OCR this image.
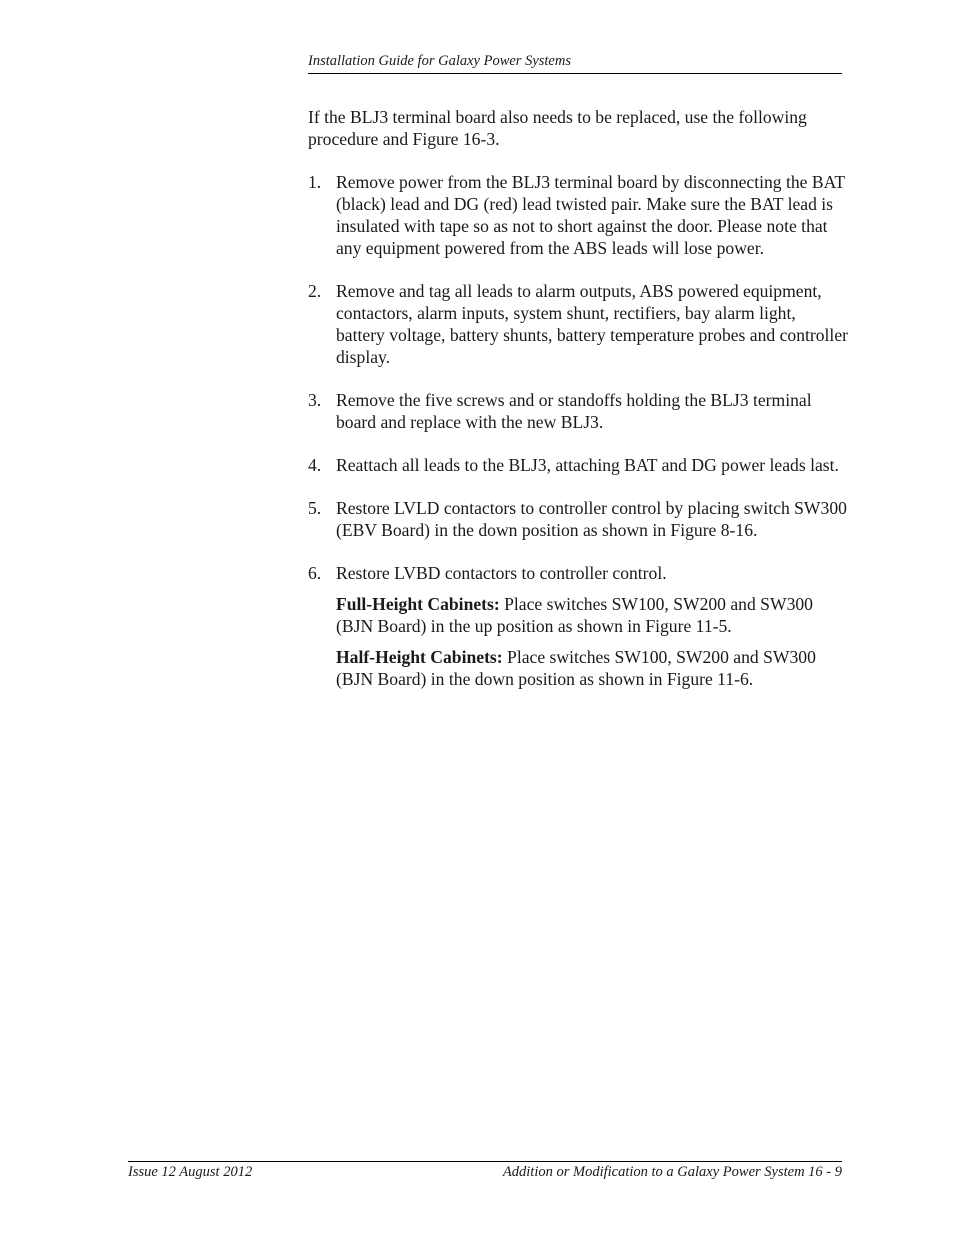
Installation Guide for Galaxy Power Systems

If the BLJ3 terminal board also needs to be replaced, use the following procedure and Figure 16-3.

1. Remove power from the BLJ3 terminal board by disconnecting the BAT (black) lead and DG (red) lead twisted pair. Make sure the BAT lead is insulated with tape so as not to short against the door. Please note that any equipment powered from the ABS leads will lose power.
2. Remove and tag all leads to alarm outputs, ABS powered equipment, contactors, alarm inputs, system shunt, rectifiers, bay alarm light, battery voltage, battery shunts, battery temperature probes and controller display.
3. Remove the five screws and or standoffs holding the BLJ3 terminal board and replace with the new BLJ3.
4. Reattach all leads to the BLJ3, attaching BAT and DG power leads last.
5. Restore LVLD contactors to controller control by placing switch SW300 (EBV Board) in the down position as shown in Figure 8-16.
6. Restore LVBD contactors to controller control.

Full-Height Cabinets: Place switches SW100, SW200 and SW300 (BJN Board) in the up position as shown in Figure 11-5.

Half-Height Cabinets: Place switches SW100, SW200 and SW300 (BJN Board) in the down position as shown in Figure 11-6.

Issue 12 August 2012	Addition or Modification to a Galaxy Power System 16 - 9
